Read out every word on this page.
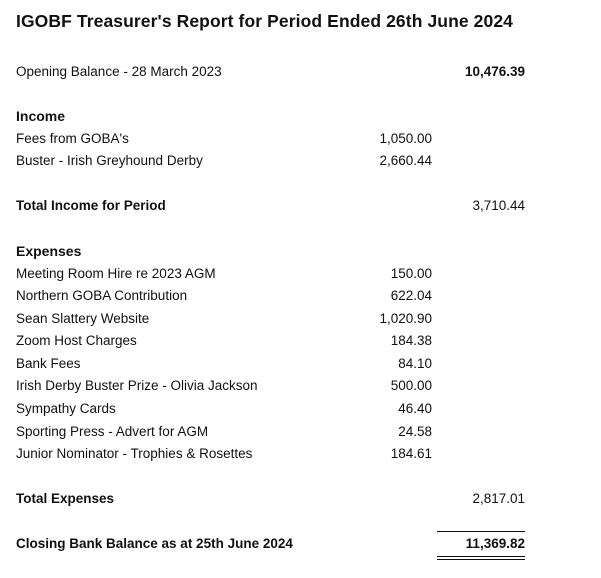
IGOBF Treasurer's Report for Period Ended 26th June 2024
Opening Balance - 28 March 2023	10,476.39
Income
Fees from GOBA's	1,050.00
Buster - Irish Greyhound Derby	2,660.44
Total Income for Period	3,710.44
Expenses
Meeting Room Hire re 2023 AGM	150.00
Northern GOBA Contribution	622.04
Sean Slattery Website	1,020.90
Zoom Host Charges	184.38
Bank Fees	84.10
Irish Derby Buster Prize - Olivia Jackson	500.00
Sympathy Cards	46.40
Sporting Press - Advert for AGM	24.58
Junior Nominator - Trophies & Rosettes	184.61
Total Expenses	2,817.01
Closing Bank Balance as at 25th June 2024	11,369.82
